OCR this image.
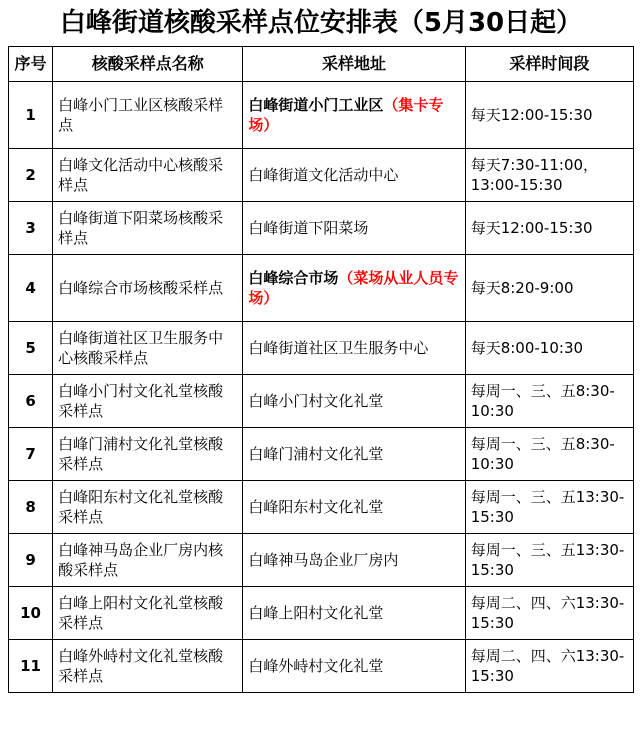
白峰街道核酸采样点位安排表（5月30日起）
序号	核酸采样点名称	采样地址	采样时间段
1	白峰小门工业区核酸采样点	白峰街道小门工业区（集卡专场）	每天12:00-15:30
2	白峰文化活动中心核酸采样点	白峰街道文化活动中心	每天7:30-11:00，13:00-15:30
3	白峰街道下阳菜场核酸采样点	白峰街道下阳菜场	每天12:00-15:30
4	白峰综合市场核酸采样点	白峰综合市场（菜场从业人员专场）	每天8:20-9:00
5	白峰街道社区卫生服务中心核酸采样点	白峰街道社区卫生服务中心	每天8:00-10:30
6	白峰小门村文化礼堂核酸采样点	白峰小门村文化礼堂	每周一、三、五8:30-10:30
7	白峰门浦村文化礼堂核酸采样点	白峰门浦村文化礼堂	每周一、三、五8:30-10:30
8	白峰阳东村文化礼堂核酸采样点	白峰阳东村文化礼堂	每周一、三、五13:30-15:30
9	白峰神马岛企业厂房内核酸采样点	白峰神马岛企业厂房内	每周一、三、五13:30-15:30
10	白峰上阳村文化礼堂核酸采样点	白峰上阳村文化礼堂	每周二、四、六13:30-15:30
11	白峰外峙村文化礼堂核酸采样点	白峰外峙村文化礼堂	每周二、四、六13:30-15:30
